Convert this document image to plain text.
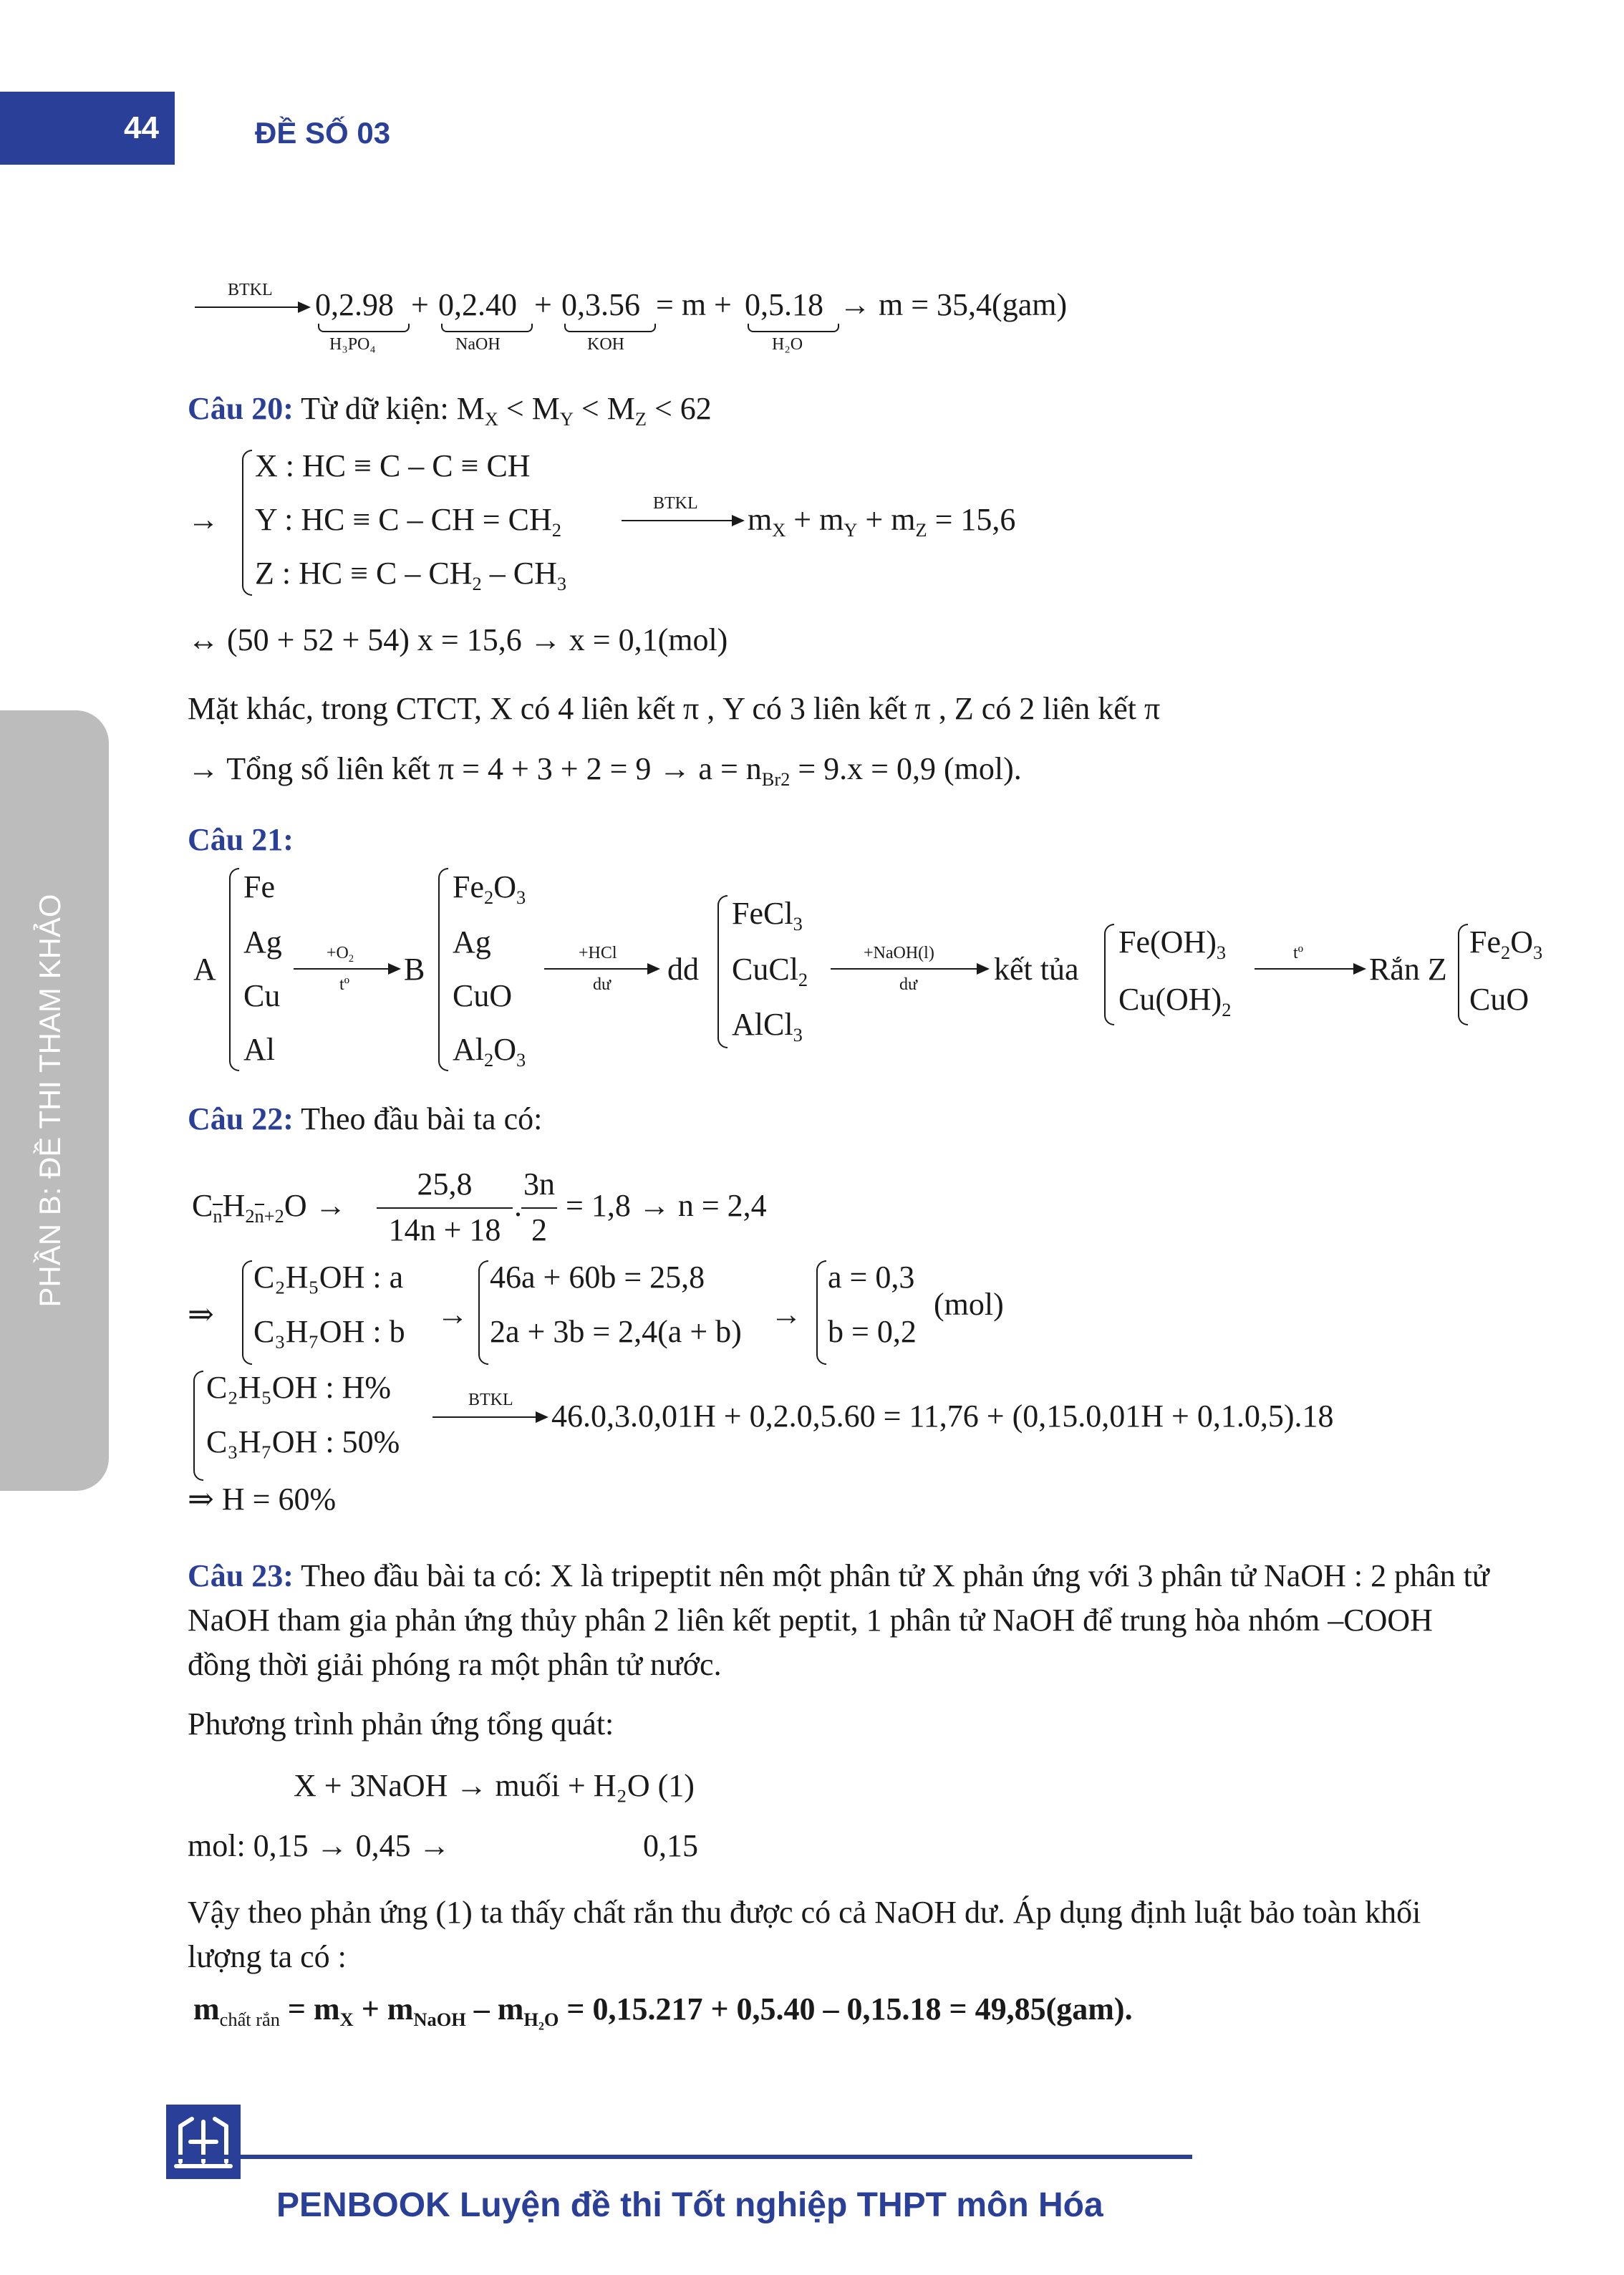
44	ĐỀ SỐ 03
PHẦN B: ĐỀ THI THAM KHẢO
BTKL 0,2.98
H₃PO₄
+ 0,2.40
NaOH
+ 0,3.56
KOH
= m + 0,5.18
H₂O
→ m = 35,4(gam)
Câu 20: Từ dữ kiện: $M_X < M_Y < M_Z < 62$
→
X : HC ≡ C – C ≡ CH
Y : HC ≡ C – CH = $CH_2$
Z : HC ≡ C – $CH_2 - CH_3$
BTKL $m_X + m_Y + m_Z = 15,6$
↔ (50 + 52 + 54) x = 15,6 → x = 0,1(mol)
Mặt khác, trong CTCT, X có 4 liên kết π , Y có 3 liên kết π , Z có 2 liên kết π
→ Tổng số liên kết $\pi = 4 + 3 + 2 = 9 \to a = n_{Br2} = 9.x = 0,9$ (mol).
Câu 21:
A
Fe
Ag
Cu
Al
$+O_2$
tº B
$Fe_2O_3$
Ag
CuO
$Al_2O_3$
+HCl
dư dd
FeCl$_3$
CuCl$_2$
AlCl$_3$
+NaOH(l)
dư kết tủa
$Fe(OH)_3$
$Cu(OH)_2$
tº Rắn Z
$Fe_2O_3$
CuO
Câu 22: Theo đầu bài ta có:
$C_nH_{2n+2}O$ →
25,8
14n + 18
.
3n
2
= 1,8 → n = 2,4
⇒
C₂H₅OH : a
C₃H₇OH : b →
46a + 60b = 25,8
2a + 3b = 2,4(a + b) →
a = 0,3
b = 0,2
(mol)
C₂H₅OH : H%
C₃H₇OH : 50%
BTKL 46.0,3.0,01H + 0,2.0,5.60 = 11,76 + (0,15.0,01H + 0,1.0,5).18
⇒ H = 60%
Câu 23: Theo đầu bài ta có: X là tripeptit nên một phân tử X phản ứng với 3 phân tử NaOH : 2 phân tử NaOH tham gia phản ứng thủy phân 2 liên kết peptit, 1 phân tử NaOH để trung hòa nhóm –COOH đồng thời giải phóng ra một phân tử nước.
Phương trình phản ứng tổng quát:
X + 3NaOH → muối + H₂O (1)
mol: 0,15 → 0,45 →	0,15
Vậy theo phản ứng (1) ta thấy chất rắn thu được có cả NaOH dư. Áp dụng định luật bảo toàn khối lượng ta có :
$m_{chất rắn} = m_X + m_{NaOH} - m_{H_2O} = 0,15.217 + 0,5.40 - 0,15.18 = 49,85(gam)$.
PENBOOK Luyện đề thi Tốt nghiệp THPT môn Hóa
